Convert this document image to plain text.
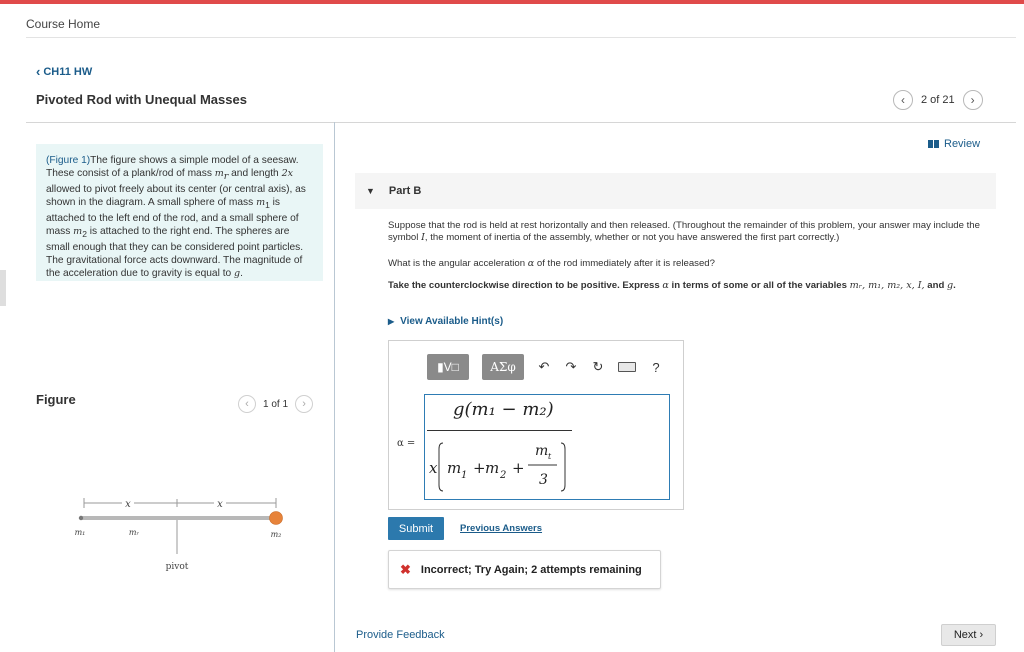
Course Home
‹ CH11 HW
Pivoted Rod with Unequal Masses	‹ 2 of 21 ›
(Figure 1)The figure shows a simple model of a seesaw. These consist of a plank/rod of mass $m_r$ and length 2x allowed to pivot freely about its center (or central axis), as shown in the diagram. A small sphere of mass $m_1$ is attached to the left end of the rod, and a small sphere of mass $m_2$ is attached to the right end. The spheres are small enough that they can be considered point particles. The gravitational force acts downward. The magnitude of the acceleration due to gravity is equal to g.
Figure	‹ 1 of 1 ›
x	x
m₁	mᵣ	m₂
pivot
Review
▼ Part B
Suppose that the rod is held at rest horizontally and then released. (Throughout the remainder of this problem, your answer may include the symbol I, the moment of inertia of the assembly, whether or not you have answered the first part correctly.)
What is the angular acceleration α of the rod immediately after it is released?
Take the counterclockwise direction to be positive. Express α in terms of some or all of the variables mᵣ, m₁, m₂, x, I, and g.
▶ View Available Hint(s)
▮V□	AΣφ	↶ ↷ ↻	?
α =
g(m₁ − m₂)
x m 1 + m 2 +
m t
3
Submit	Previous Answers
✖ Incorrect; Try Again; 2 attempts remaining
Provide Feedback	Next ›
